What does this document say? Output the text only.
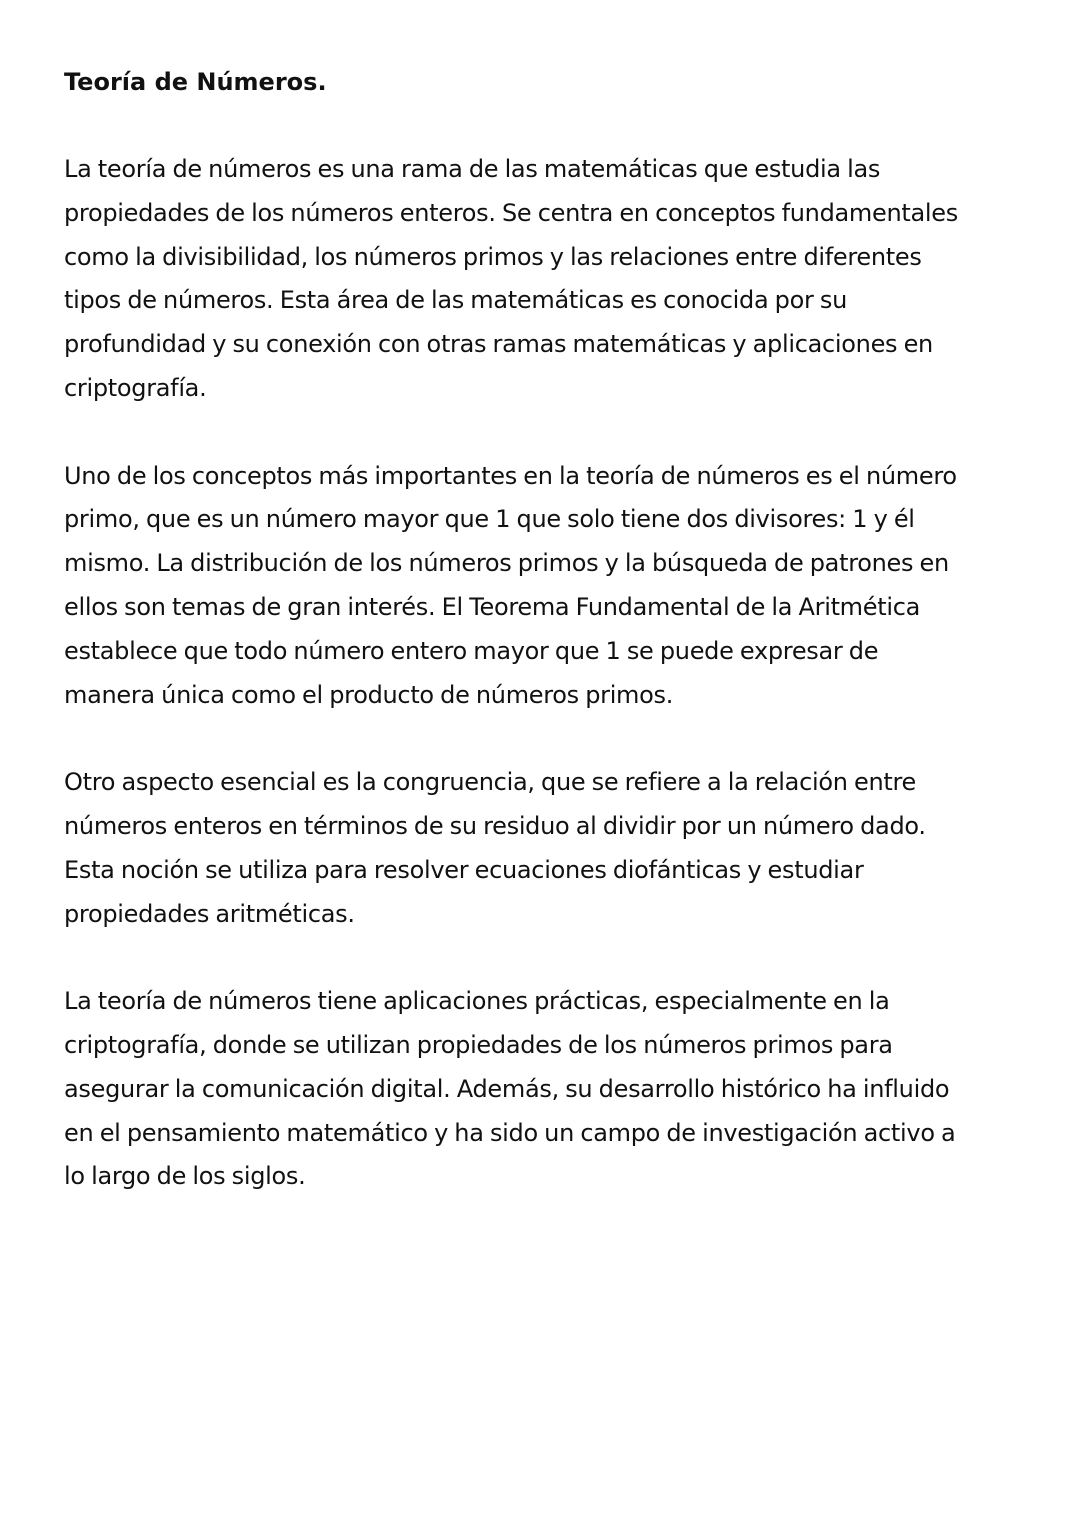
Teoría de Números.

La teoría de números es una rama de las matemáticas que estudia las propiedades de los números enteros. Se centra en conceptos fundamentales como la divisibilidad, los números primos y las relaciones entre diferentes tipos de números. Esta área de las matemáticas es conocida por su profundidad y su conexión con otras ramas matemáticas y aplicaciones en criptografía.

Uno de los conceptos más importantes en la teoría de números es el número primo, que es un número mayor que 1 que solo tiene dos divisores: 1 y él mismo. La distribución de los números primos y la búsqueda de patrones en ellos son temas de gran interés. El Teorema Fundamental de la Aritmética establece que todo número entero mayor que 1 se puede expresar de manera única como el producto de números primos.

Otro aspecto esencial es la congruencia, que se refiere a la relación entre números enteros en términos de su residuo al dividir por un número dado. Esta noción se utiliza para resolver ecuaciones diofánticas y estudiar propiedades aritméticas.

La teoría de números tiene aplicaciones prácticas, especialmente en la criptografía, donde se utilizan propiedades de los números primos para asegurar la comunicación digital. Además, su desarrollo histórico ha influido en el pensamiento matemático y ha sido un campo de investigación activo a lo largo de los siglos.
